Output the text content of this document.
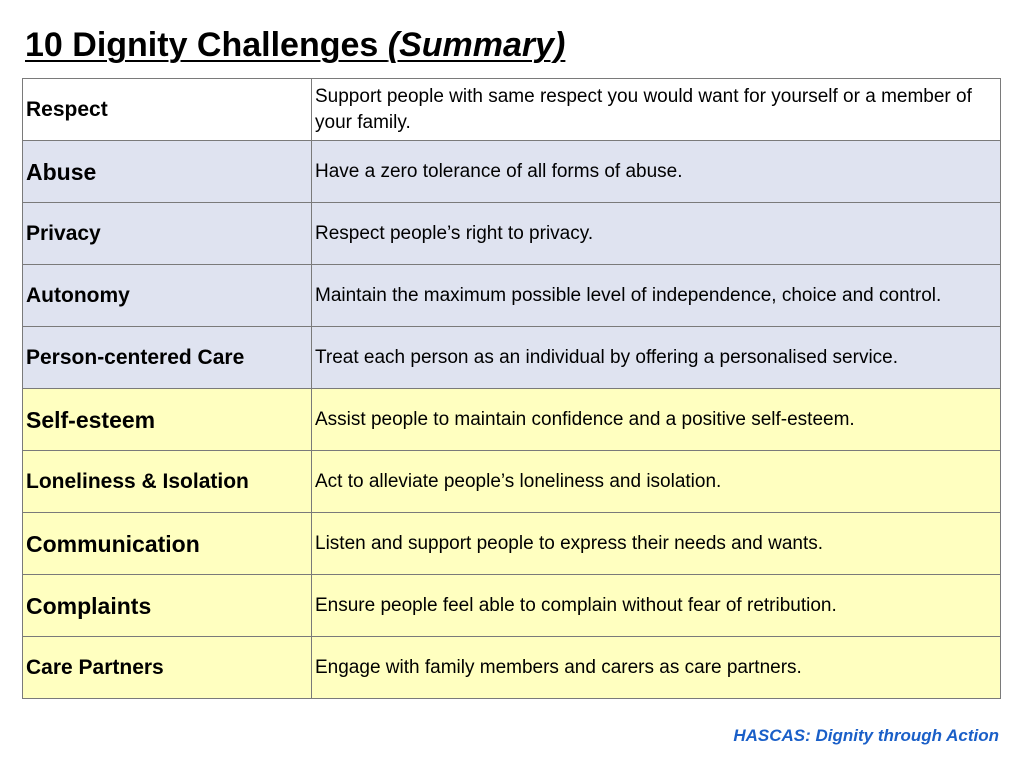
10 Dignity Challenges (Summary)
Respect	Support people with same respect you would want for yourself or a member of your family.
Abuse	Have a zero tolerance of all forms of abuse.
Privacy	Respect people’s right to privacy.
Autonomy	Maintain the maximum possible level of independence, choice and control.
Person-centered Care	Treat each person as an individual by offering a personalised service.
Self-esteem	Assist people to maintain confidence and a positive self-esteem.
Loneliness & Isolation	Act to alleviate people’s loneliness and isolation.
Communication	Listen and support people to express their needs and wants.
Complaints	Ensure people feel able to complain without fear of retribution.
Care Partners	Engage with family members and carers as care partners.
HASCAS: Dignity through Action
